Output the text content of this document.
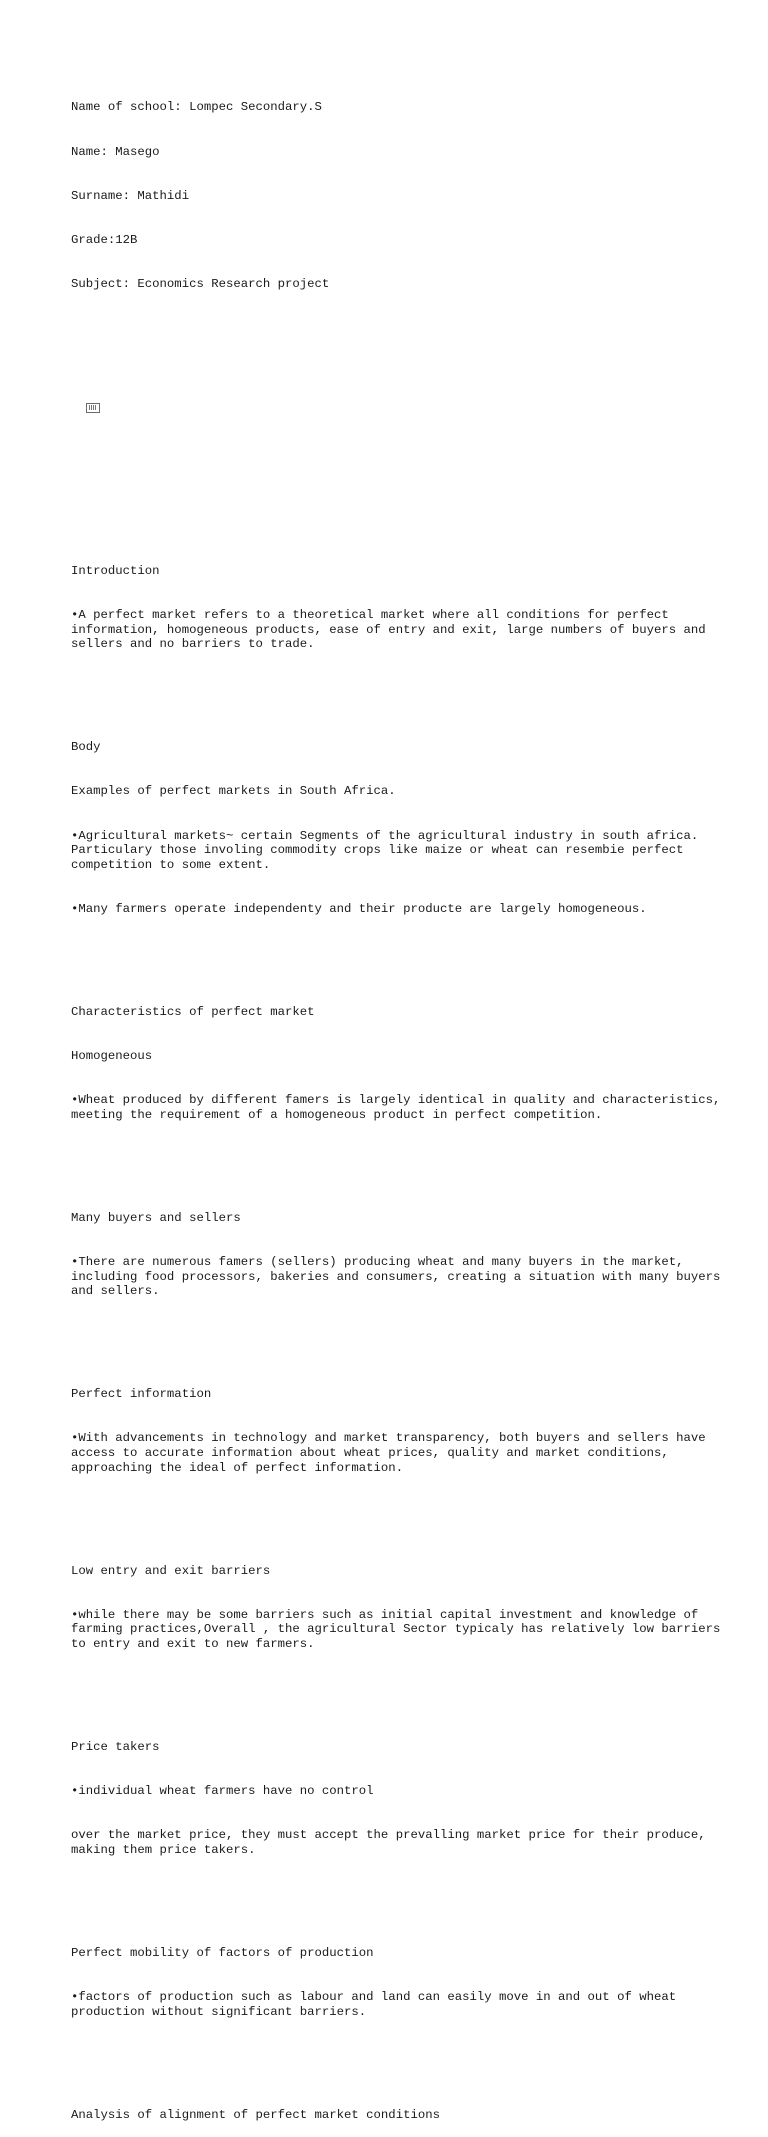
Name of school: Lompec Secondary.S

Name: Masego

Surname: Mathidi

Grade:12B

Subject: Economics Research project

Introduction

•A perfect market refers to a theoretical market where all conditions for perfect information, homogeneous products, ease of entry and exit, large numbers of buyers and sellers and no barriers to trade.

Body

Examples of perfect markets in South Africa.

•Agricultural markets~ certain Segments of the agricultural industry in south africa. Particulary those involing commodity crops like maize or wheat can resembie perfect competition to some extent.

•Many farmers operate independenty and their producte are largely homogeneous.

Characteristics of perfect market

Homogeneous

•Wheat produced by different famers is largely identical in quality and characteristics, meeting the requirement of a homogeneous product in perfect competition.

Many buyers and sellers

•There are numerous famers (sellers) producing wheat and many buyers in the market, including food processors, bakeries and consumers, creating a situation with many buyers and sellers.

Perfect information

•With advancements in technology and market transparency, both buyers and sellers have access to accurate information about wheat prices, quality and market conditions, approaching the ideal of perfect information.

Low entry and exit barriers

•while there may be some barriers such as initial capital investment and knowledge of farming practices,Overall , the agricultural Sector typicaly has relatively low barriers to entry and exit to new farmers.

Price takers

•individual wheat farmers have no control

over the market price, they must accept the prevalling market price for their produce, making them price takers.

Perfect mobility of factors of production

•factors of production such as labour and land can easily move in and out of wheat production without significant barriers.

Analysis of alignment of perfect market conditions
